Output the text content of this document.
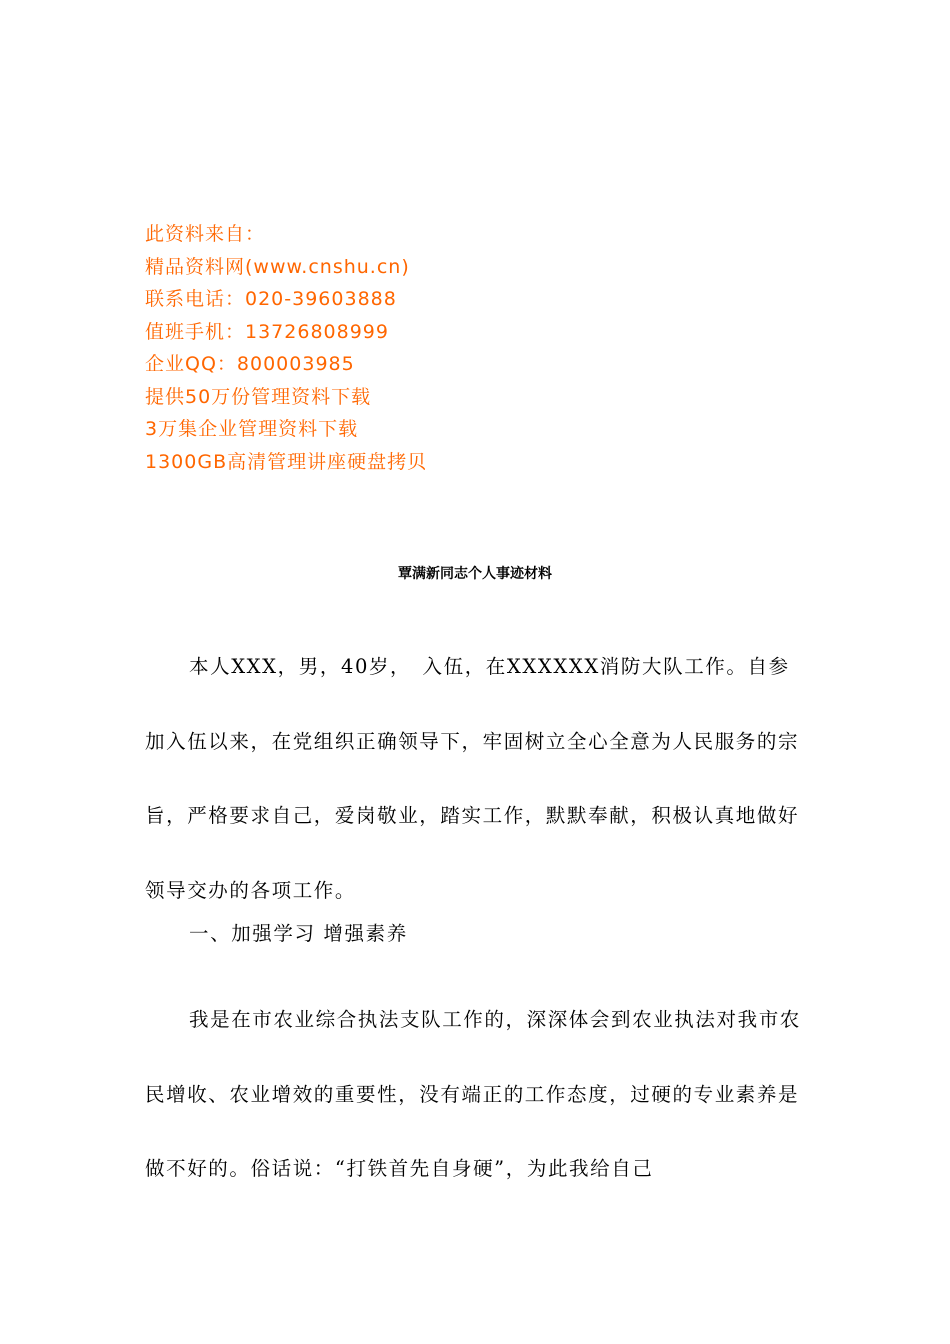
此资料来自：
精品资料网(www.cnshu.cn)
联系电话：020-39603888
值班手机：13726808999
企业QQ：800003985
提供50万份管理资料下载
3万集企业管理资料下载
1300GB高清管理讲座硬盘拷贝
覃满新同志个人事迹材料
本人XXX，男，40岁，　入伍，在XXXXXX消防大队工作。自参加入伍以来，在党组织正确领导下，牢固树立全心全意为人民服务的宗旨，严格要求自己，爱岗敬业，踏实工作，默默奉献，积极认真地做好领导交办的各项工作。
一、加强学习 增强素养
我是在市农业综合执法支队工作的，深深体会到农业执法对我市农民增收、农业增效的重要性，没有端正的工作态度，过硬的专业素养是做不好的。俗话说：“打铁首先自身硬”，为此我给自己
